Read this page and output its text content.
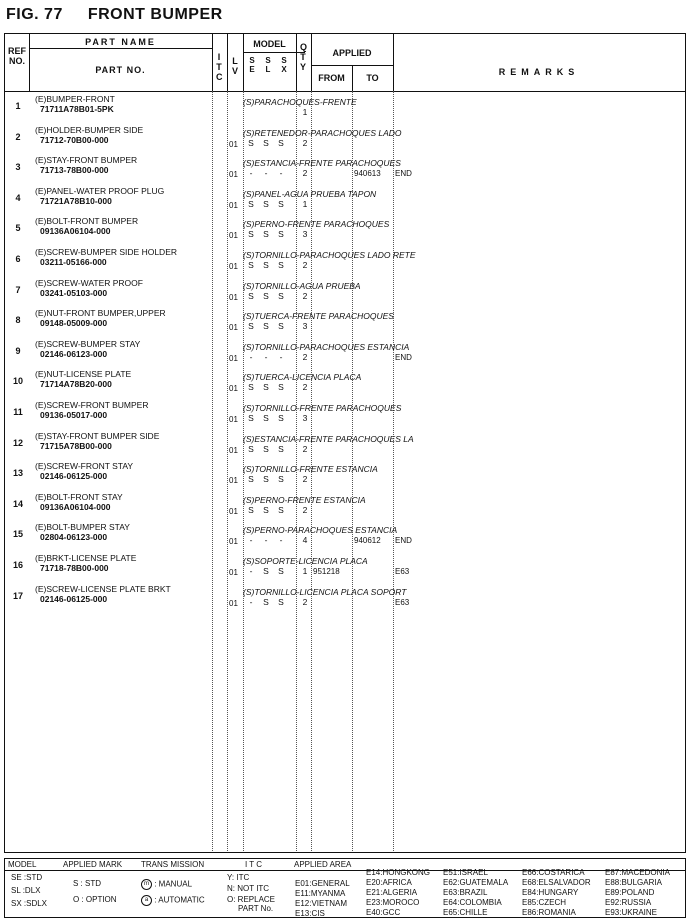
FIG. 77 FRONT BUMPER
REF NO.
PART NAME
PART NO.
ITC
LV
MODEL
S
E
S
L
S
X
QTY
APPLIED
FROM	TO
REMARKS
1
(E)BUMPER-FRONT
71711A78B01-5PK
(S)PARACHOQUES-FRENTE
1
2
(E)HOLDER-BUMPER SIDE
71712-70B00-000
(S)RETENEDOR-PARACHOQUES LADO
01	S	S	S	2
3
(E)STAY-FRONT BUMPER
71713-78B00-000
(S)ESTANCIA-FRENTE PARACHOQUES
01	-	-	-	2	940613 END
4
(E)PANEL-WATER PROOF PLUG
71721A78B10-000
(S)PANEL-AGUA PRUEBA TAPON
01	S	S	S	1
5
(E)BOLT-FRONT BUMPER
09136A06104-000
(S)PERNO-FRENTE PARACHOQUES
01	S	S	S	3
6
(E)SCREW-BUMPER SIDE HOLDER
03211-05166-000
(S)TORNILLO-PARACHOQUES LADO RETE
01	S	S	S	2
7
(E)SCREW-WATER PROOF
03241-05103-000
(S)TORNILLO-AGUA PRUEBA
01	S	S	S	2
8
(E)NUT-FRONT BUMPER,UPPER
09148-05009-000
(S)TUERCA-FRENTE PARACHOQUES
01	S	S	S	3
9
(E)SCREW-BUMPER STAY
02146-06123-000
(S)TORNILLO-PARACHOQUES ESTANCIA
01	-	-	-	2	END
10
(E)NUT-LICENSE PLATE
71714A78B20-000
(S)TUERCA-LICENCIA PLACA
01	S	S	S	2
11
(E)SCREW-FRONT BUMPER
09136-05017-000
(S)TORNILLO-FRENTE PARACHOQUES
01	S	S	S	3
12
(E)STAY-FRONT BUMPER SIDE
71715A78B00-000
(S)ESTANCIA-FRENTE PARACHOQUES LA
01	S	S	S	2
13
(E)SCREW-FRONT STAY
02146-06125-000
(S)TORNILLO-FRENTE ESTANCIA
01	S	S	S	2
14
(E)BOLT-FRONT STAY
09136A06104-000
(S)PERNO-FRENTE ESTANCIA
01	S	S	S	2
15
(E)BOLT-BUMPER STAY
02804-06123-000
(S)PERNO-PARACHOQUES ESTANCIA
01	-	-	-	4	940612 END
16
(E)BRKT-LICENSE PLATE
71718-78B00-000
(S)SOPORTE-LICENCIA PLACA
01	-	S	S	1 951218	E63
17
(E)SCREW-LICENSE PLATE BRKT
02146-06125-000
(S)TORNILLO-LICENCIA PLACA SOPORT
01	-	S	S	2	E63
MODEL	APPLIED MARK TRANS MISSION	I T C	APPLIED AREA
SE :STD
SL :DLX
SX :SDLX
S : STD
O : OPTION
m : MANUAL
a : AUTOMATIC
Y: ITC
N: NOT ITC
O: REPLACE
PART No.
E01:GENERAL
E11:MYANMA
E12:VIETNAM
E13:CIS
E14:HONGKONG
E20:AFRICA
E21:ALGERIA
E23:MOROCO
E40:GCC
E51:ISRAEL
E62:GUATEMALA
E63:BRAZIL
E64:COLOMBIA
E65:CHILLE
E66:COSTARICA
E68:ELSALVADOR
E84:HUNGARY
E85:CZECH
E86:ROMANIA
E87:MACEDONIA
E88:BULGARIA
E89:POLAND
E92:RUSSIA
E93:UKRAINE
